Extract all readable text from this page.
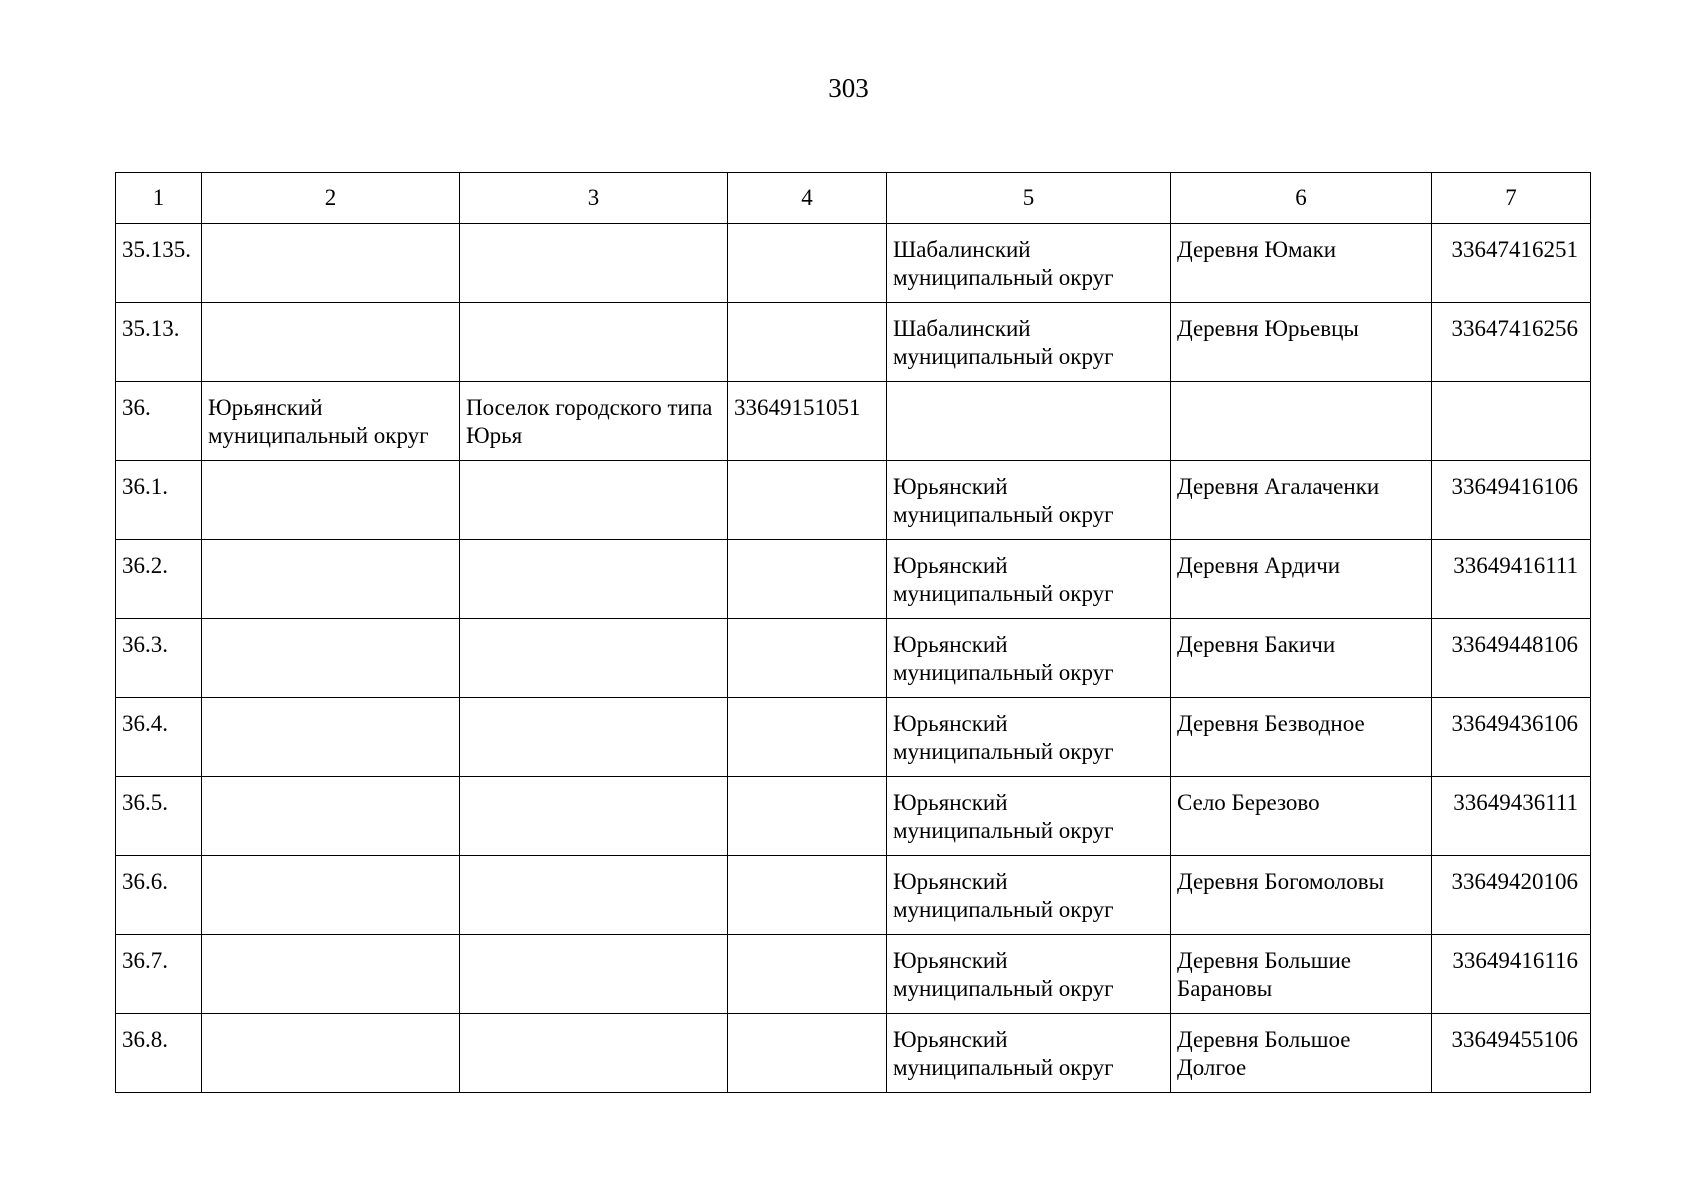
303
1	2	3	4	5	6	7
35.135.				Шабалинский муниципальный округ	Деревня Юмаки	33647416251
35.13.				Шабалинский муниципальный округ	Деревня Юрьевцы	33647416256
36.	Юрьянский муниципальный округ	Поселок городского типа Юрья	33649151051			
36.1.				Юрьянский муниципальный округ	Деревня Агалаченки	33649416106
36.2.				Юрьянский муниципальный округ	Деревня Ардичи	33649416111
36.3.				Юрьянский муниципальный округ	Деревня Бакичи	33649448106
36.4.				Юрьянский муниципальный округ	Деревня Безводное	33649436106
36.5.				Юрьянский муниципальный округ	Село Березово	33649436111
36.6.				Юрьянский муниципальный округ	Деревня Богомоловы	33649420106
36.7.				Юрьянский муниципальный округ	Деревня Большие Барановы	33649416116
36.8.				Юрьянский муниципальный округ	Деревня Большое Долгое	33649455106
